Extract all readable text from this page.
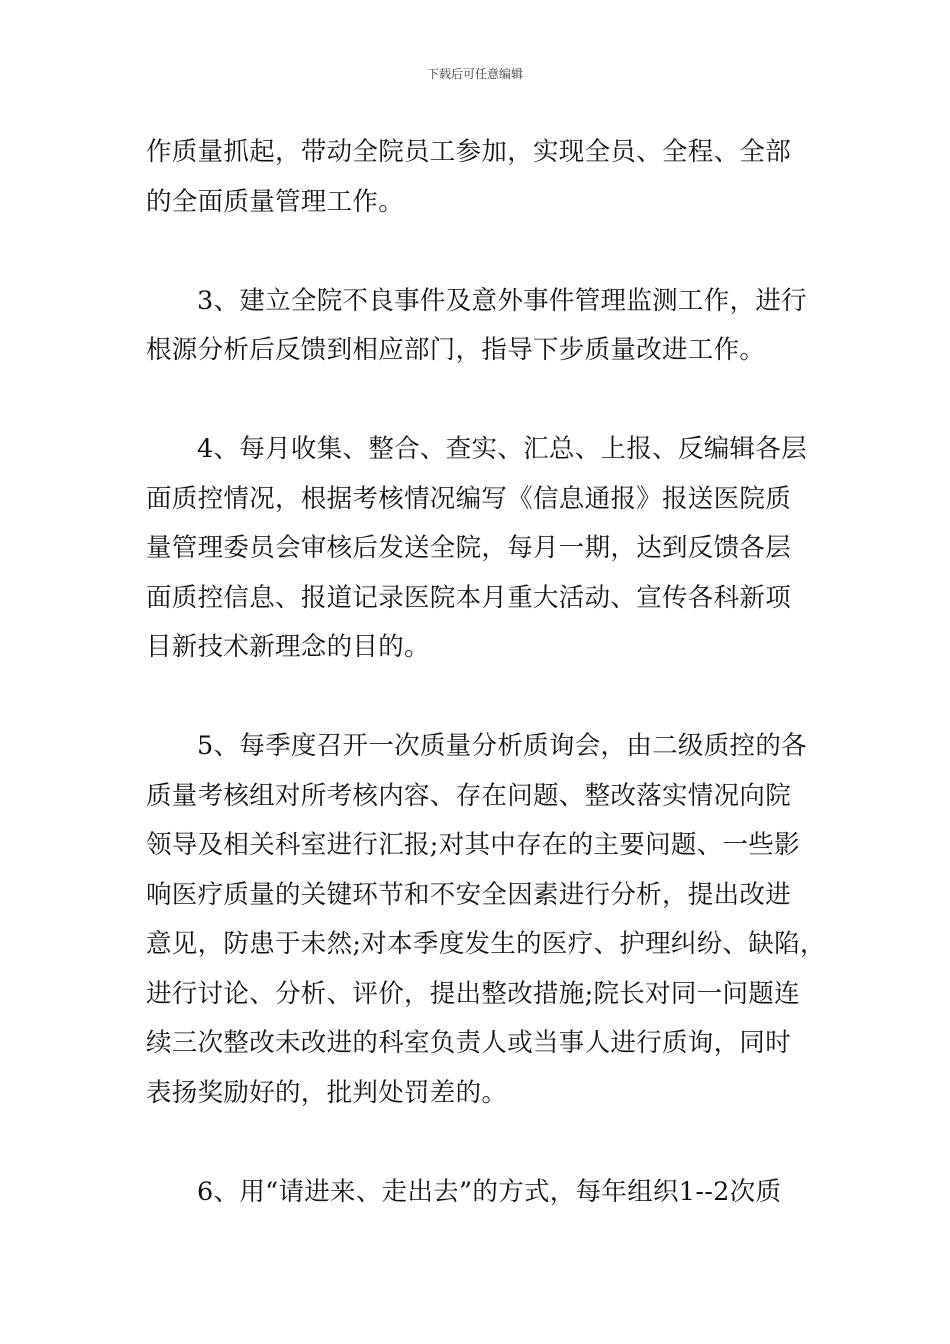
下载后可任意编辑
作质量抓起，带动全院员工参加，实现全员、全程、全部
的全面质量管理工作。
3、建立全院不良事件及意外事件管理监测工作，进行
根源分析后反馈到相应部门，指导下步质量改进工作。
4、每月收集、整合、查实、汇总、上报、反编辑各层
面质控情况，根据考核情况编写《信息通报》报送医院质
量管理委员会审核后发送全院，每月一期，达到反馈各层
面质控信息、报道记录医院本月重大活动、宣传各科新项
目新技术新理念的目的。
5、每季度召开一次质量分析质询会，由二级质控的各
质量考核组对所考核内容、存在问题、整改落实情况向院
领导及相关科室进行汇报;对其中存在的主要问题、一些影
响医疗质量的关键环节和不安全因素进行分析，提出改进
意见，防患于未然;对本季度发生的医疗、护理纠纷、缺陷，
进行讨论、分析、评价，提出整改措施;院长对同一问题连
续三次整改未改进的科室负责人或当事人进行质询，同时
表扬奖励好的，批判处罚差的。
6、用“请进来、走出去”的方式，每年组织1--2次质
